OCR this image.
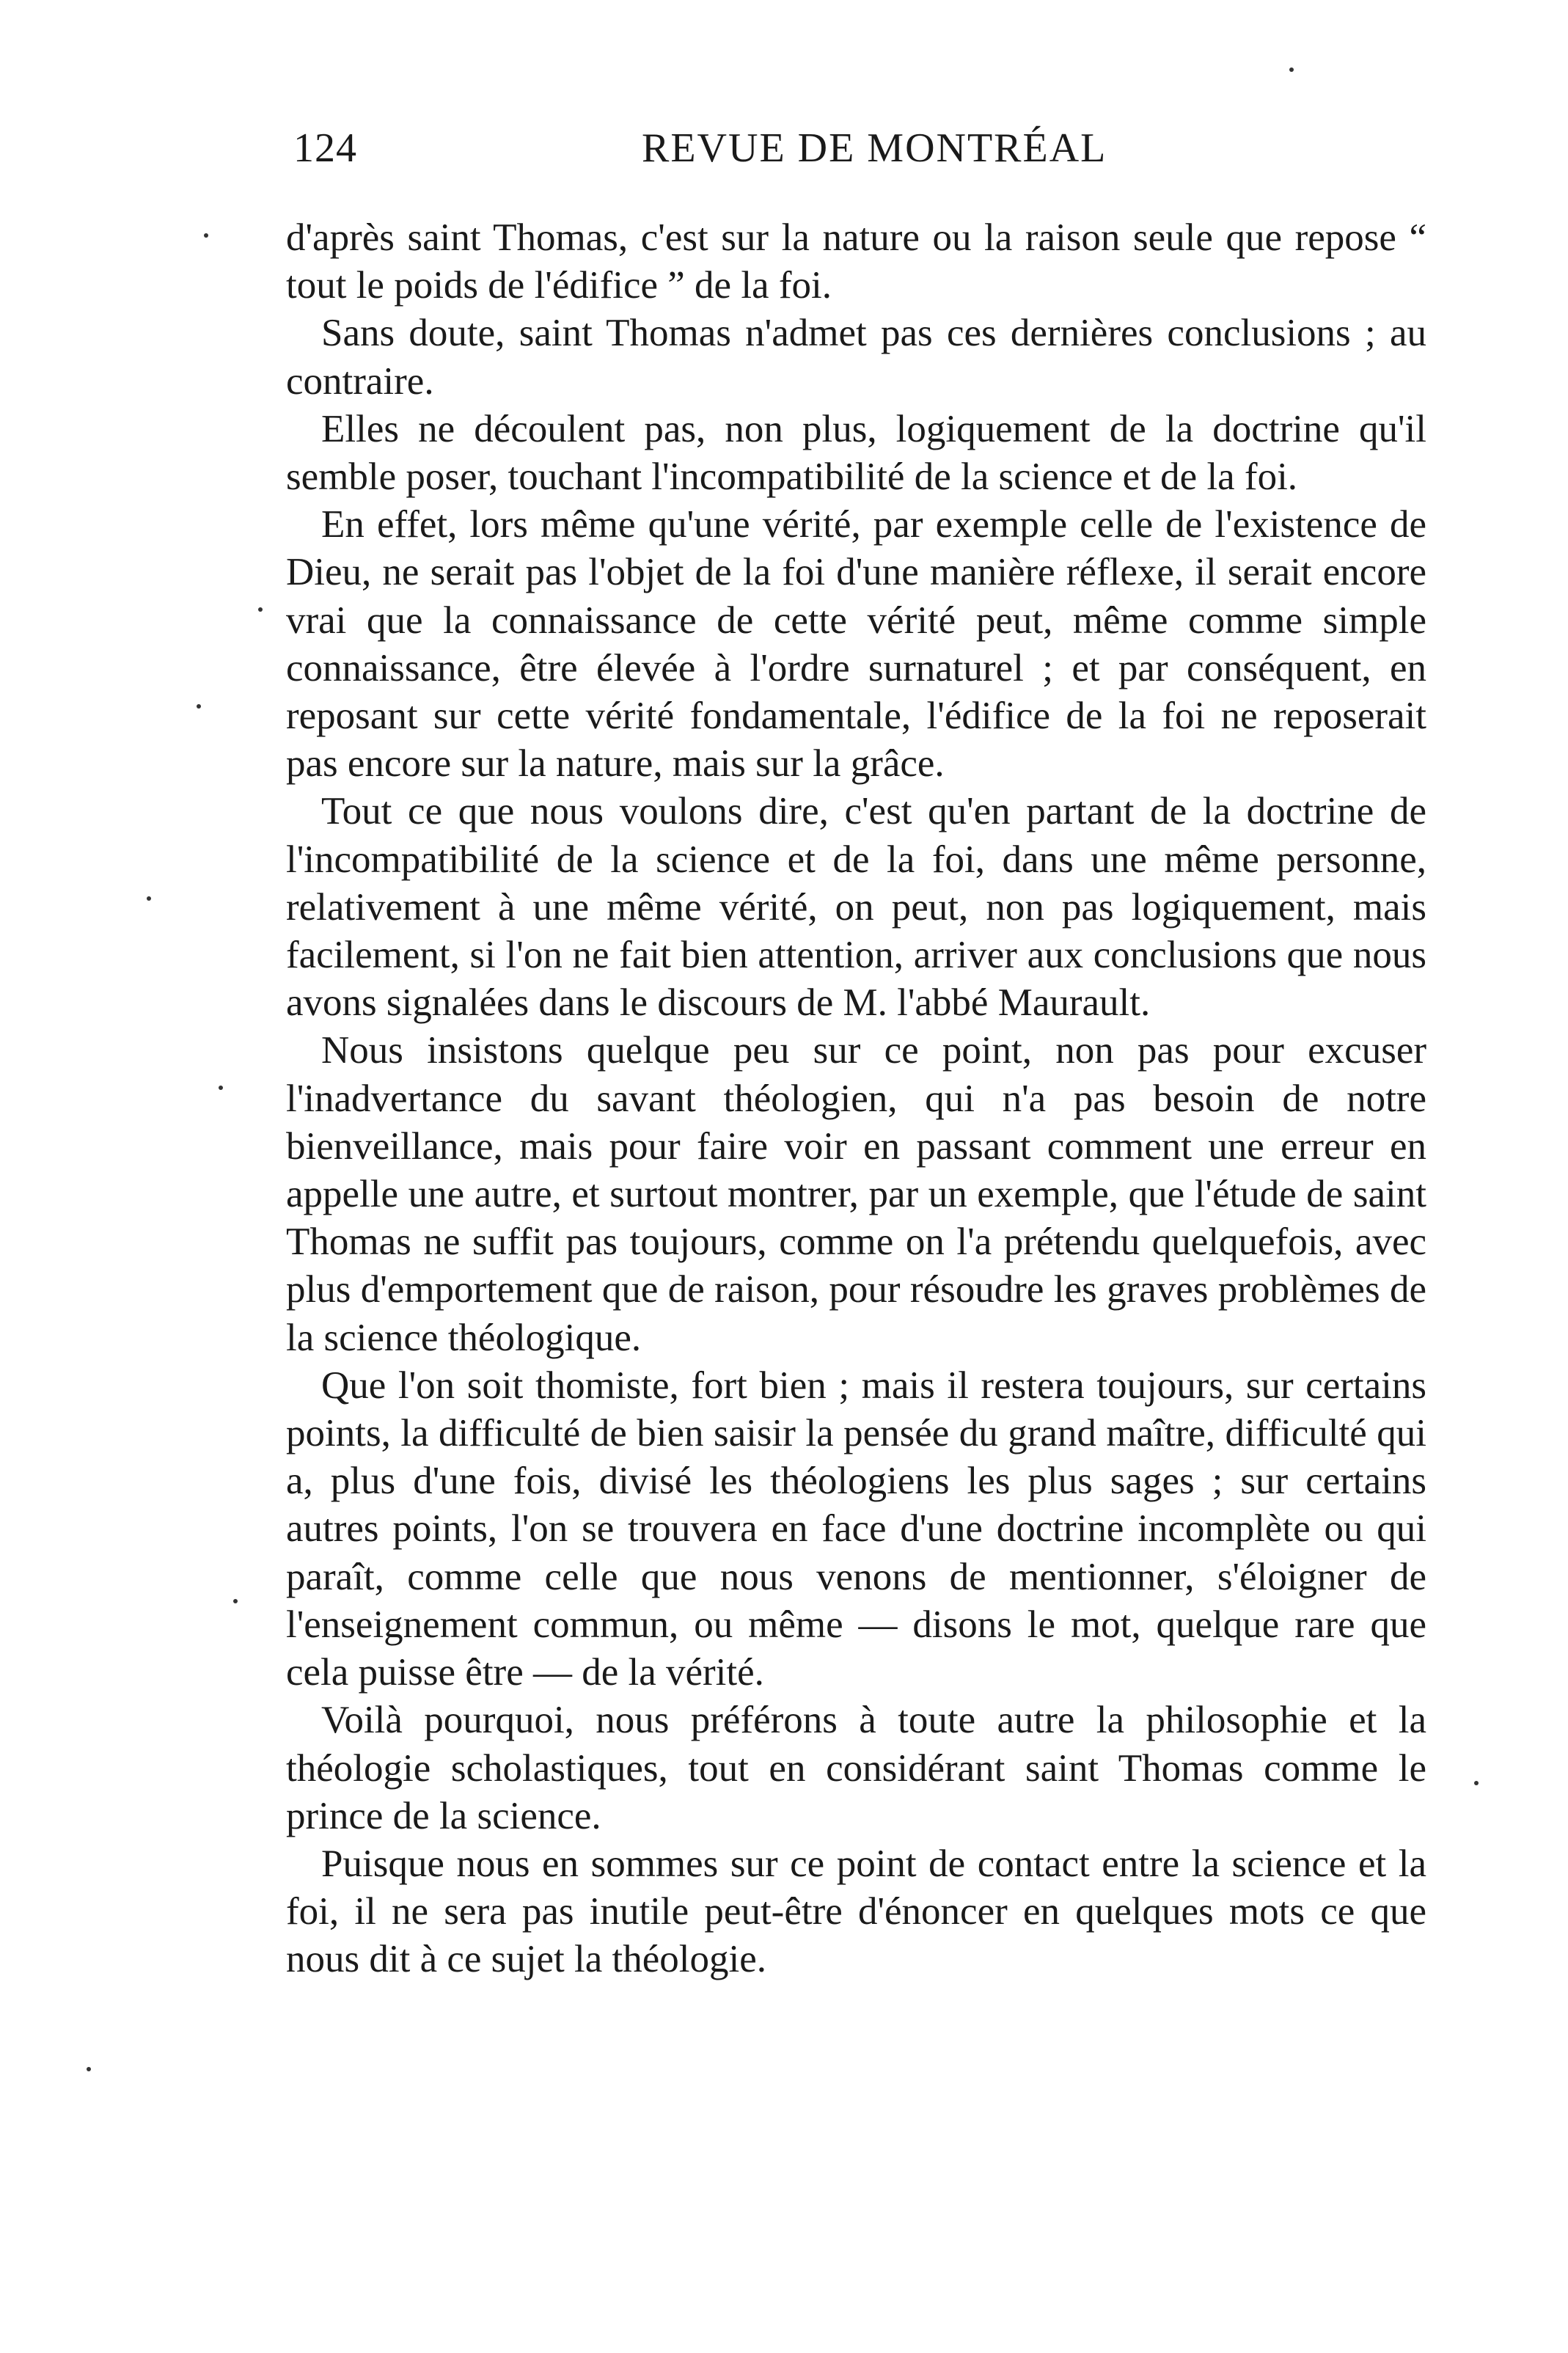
124	REVUE DE MONTRÉAL

d'après saint Thomas, c'est sur la nature ou la raison seule que repose “ tout le poids de l'édifice ” de la foi.

Sans doute, saint Thomas n'admet pas ces dernières conclusions ; au contraire.

Elles ne découlent pas, non plus, logiquement de la doctrine qu'il semble poser, touchant l'incompatibilité de la science et de la foi.

En effet, lors même qu'une vérité, par exemple celle de l'existence de Dieu, ne serait pas l'objet de la foi d'une manière réflexe, il serait encore vrai que la connaissance de cette vérité peut, même comme simple connaissance, être élevée à l'ordre surnaturel ; et par conséquent, en reposant sur cette vérité fondamentale, l'édifice de la foi ne reposerait pas encore sur la nature, mais sur la grâce.

Tout ce que nous voulons dire, c'est qu'en partant de la doctrine de l'incompatibilité de la science et de la foi, dans une même personne, relativement à une même vérité, on peut, non pas logiquement, mais facilement, si l'on ne fait bien attention, arriver aux conclusions que nous avons signalées dans le discours de M. l'abbé Maurault.

Nous insistons quelque peu sur ce point, non pas pour excuser l'inadvertance du savant théologien, qui n'a pas besoin de notre bienveillance, mais pour faire voir en passant comment une erreur en appelle une autre, et surtout montrer, par un exemple, que l'étude de saint Thomas ne suffit pas toujours, comme on l'a prétendu quelquefois, avec plus d'emportement que de raison, pour résoudre les graves problèmes de la science théologique.

Que l'on soit thomiste, fort bien ; mais il restera toujours, sur certains points, la difficulté de bien saisir la pensée du grand maître, difficulté qui a, plus d'une fois, divisé les théologiens les plus sages ; sur certains autres points, l'on se trouvera en face d'une doctrine incomplète ou qui paraît, comme celle que nous venons de mentionner, s'éloigner de l'enseignement commun, ou même — disons le mot, quelque rare que cela puisse être — de la vérité.

Voilà pourquoi, nous préférons à toute autre la philosophie et la théologie scholastiques, tout en considérant saint Thomas comme le prince de la science.

Puisque nous en sommes sur ce point de contact entre la science et la foi, il ne sera pas inutile peut-être d'énoncer en quelques mots ce que nous dit à ce sujet la théologie.
